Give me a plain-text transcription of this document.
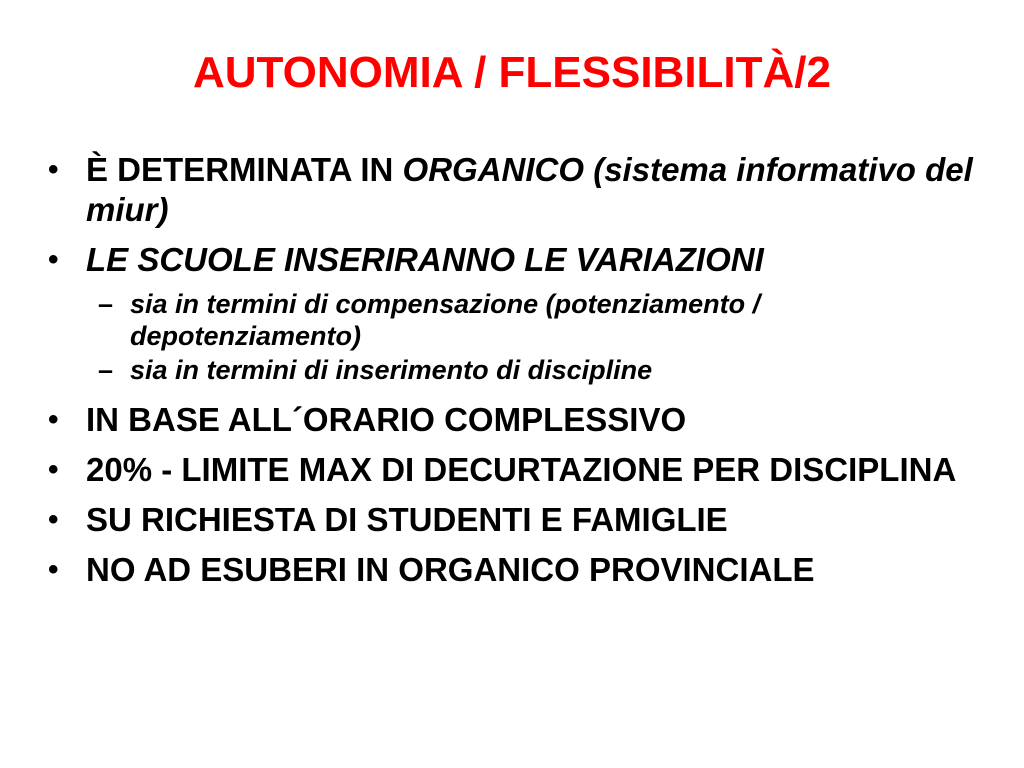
AUTONOMIA / FLESSIBILITÀ/2
• È DETERMINATA IN ORGANICO (sistema informativo del miur)
• LE SCUOLE INSERIRANNO LE VARIAZIONI
– sia in termini di compensazione (potenziamento / depotenziamento)
– sia in termini di inserimento di discipline
• IN BASE ALL´ORARIO COMPLESSIVO
• 20% - LIMITE MAX DI DECURTAZIONE PER DISCIPLINA
• SU RICHIESTA DI STUDENTI E FAMIGLIE
• NO AD ESUBERI IN ORGANICO PROVINCIALE
